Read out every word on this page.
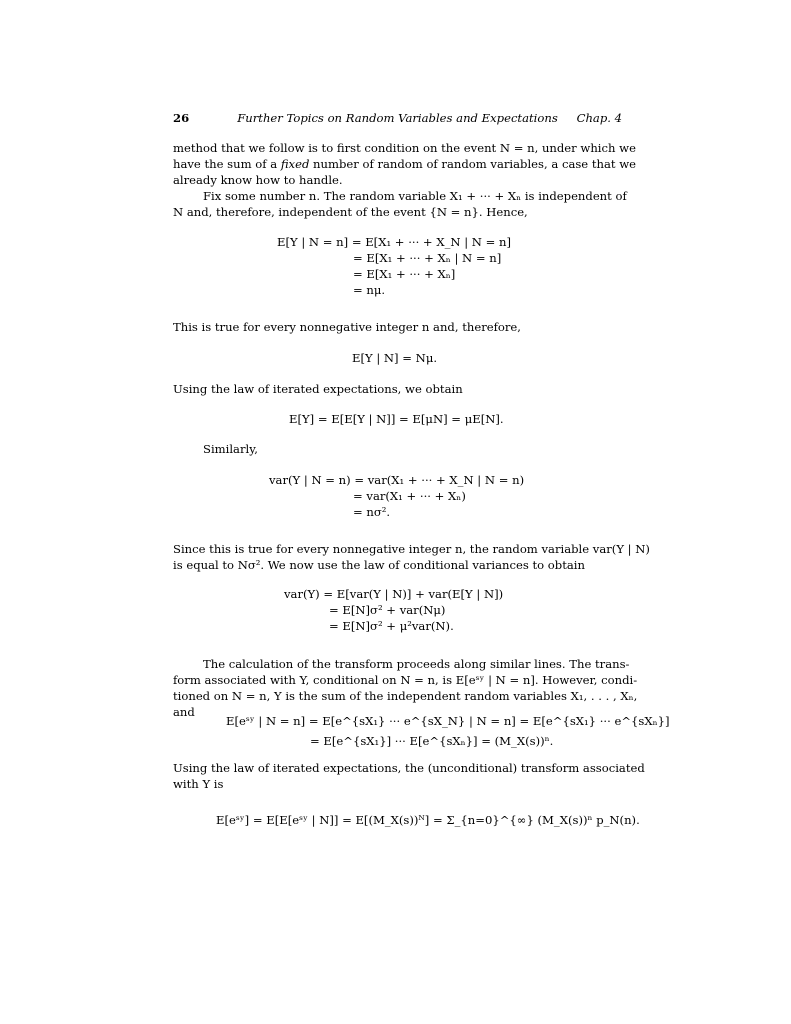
26	Further Topics on Random Variables and Expectations	Chap. 4
method that we follow is to first condition on the event N = n, under which we
have the sum of a fixed number of random of random variables, a case that we
already know how to handle.
Fix some number n. The random variable X₁ + ··· + Xₙ is independent of
N and, therefore, independent of the event {N = n}. Hence,
E[Y | N = n] = E[X₁ + ··· + X_N | N = n]
= E[X₁ + ··· + Xₙ | N = n]
= E[X₁ + ··· + Xₙ]
= nμ.
This is true for every nonnegative integer n and, therefore,
E[Y | N] = Nμ.
Using the law of iterated expectations, we obtain
E[Y] = E[E[Y | N]] = E[μN] = μE[N].
Similarly,
var(Y | N = n) = var(X₁ + ··· + X_N | N = n)
= var(X₁ + ··· + Xₙ)
= nσ².
Since this is true for every nonnegative integer n, the random variable var(Y | N)
is equal to Nσ². We now use the law of conditional variances to obtain
var(Y) = E[var(Y | N)] + var(E[Y | N])
= E[N]σ² + var(Nμ)
= E[N]σ² + μ²var(N).
The calculation of the transform proceeds along similar lines. The trans-
form associated with Y, conditional on N = n, is E[eˢʸ | N = n]. However, condi-
tioned on N = n, Y is the sum of the independent random variables X₁, . . . , Xₙ,
and
E[eˢʸ | N = n] = E[e^{sX₁} ··· e^{sX_N} | N = n] = E[e^{sX₁} ··· e^{sXₙ}]
= E[e^{sX₁}] ··· E[e^{sXₙ}] = (M_X(s))ⁿ.
Using the law of iterated expectations, the (unconditional) transform associated
with Y is
E[eˢʸ] = E[E[eˢʸ | N]] = E[(M_X(s))ᴺ] = Σ_{n=0}^{∞} (M_X(s))ⁿ p_N(n).
